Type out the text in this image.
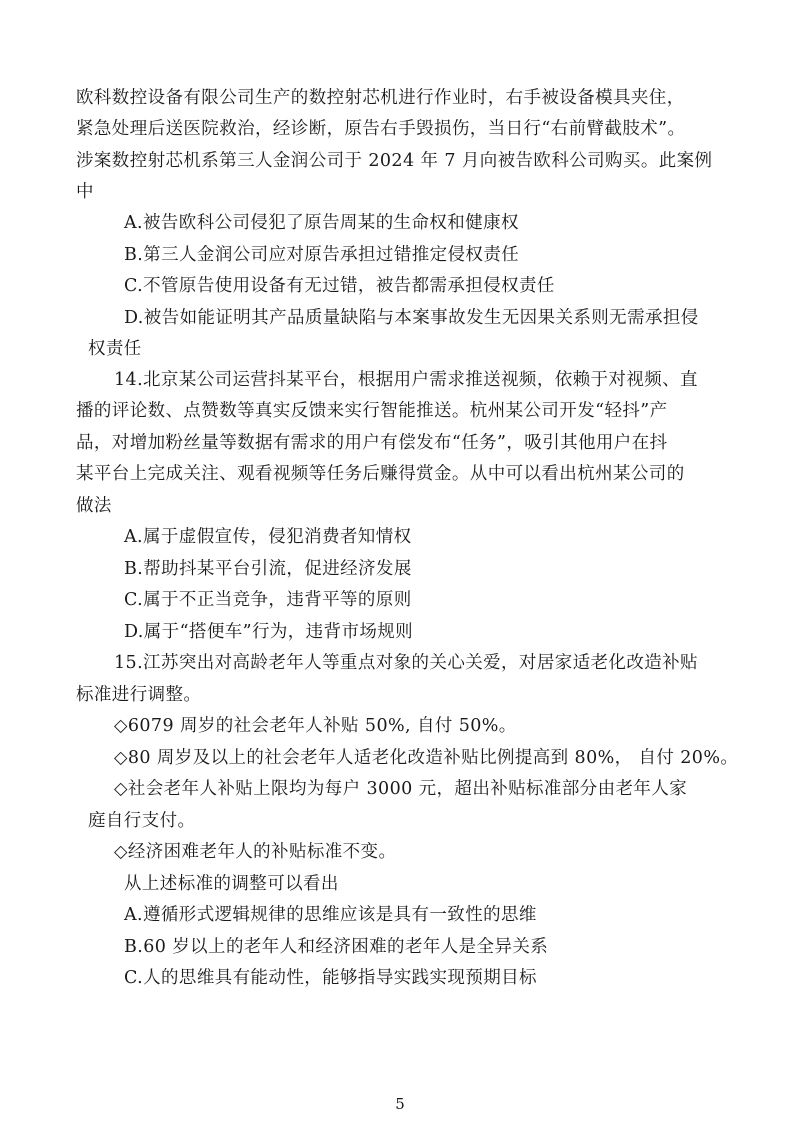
欧科数控设备有限公司生产的数控射芯机进行作业时，右手被设备模具夹住，
紧急处理后送医院救治，经诊断，原告右手毁损伤，当日行“右前臂截肢术”。
涉案数控射芯机系第三人金润公司于 2024 年 7 月向被告欧科公司购买。此案例
中
A.被告欧科公司侵犯了原告周某的生命权和健康权
B.第三人金润公司应对原告承担过错推定侵权责任
C.不管原告使用设备有无过错，被告都需承担侵权责任
D.被告如能证明其产品质量缺陷与本案事故发生无因果关系则无需承担侵
权责任
14.北京某公司运营抖某平台，根据用户需求推送视频，依赖于对视频、直
播的评论数、点赞数等真实反馈来实行智能推送。杭州某公司开发“轻抖”产
品，对增加粉丝量等数据有需求的用户有偿发布“任务”，吸引其他用户在抖
某平台上完成关注、观看视频等任务后赚得赏金。从中可以看出杭州某公司的
做法
A.属于虚假宣传，侵犯消费者知情权
B.帮助抖某平台引流，促进经济发展
C.属于不正当竞争，违背平等的原则
D.属于“搭便车”行为，违背市场规则
15.江苏突出对高龄老年人等重点对象的关心关爱，对居家适老化改造补贴
标准进行调整。
◇6079 周岁的社会老年人补贴 50%, 自付 50%。
◇80 周岁及以上的社会老年人适老化改造补贴比例提高到 80%， 自付 20%。
◇社会老年人补贴上限均为每户 3000 元，超出补贴标准部分由老年人家
庭自行支付。
◇经济困难老年人的补贴标准不变。
从上述标准的调整可以看出
A.遵循形式逻辑规律的思维应该是具有一致性的思维
B.60 岁以上的老年人和经济困难的老年人是全异关系
C.人的思维具有能动性，能够指导实践实现预期目标
5
